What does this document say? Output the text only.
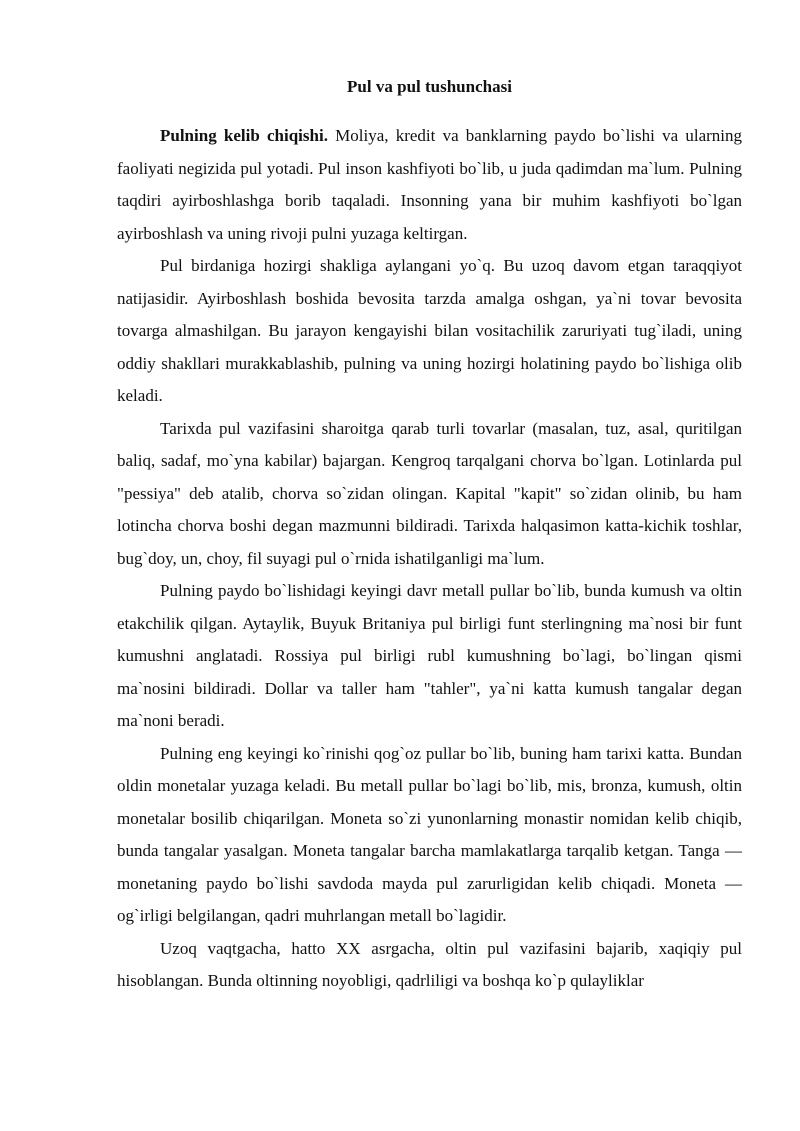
Pul va pul tushunchasi

Pulning kelib chiqishi. Moliya, kredit va banklarning paydo bo`lishi va ularning faoliyati negizida pul yotadi. Pul inson kashfiyoti bo`lib, u juda qadimdan ma`lum. Pulning taqdiri ayirboshlashga borib taqaladi. Insonning yana bir muhim kashfiyoti bo`lgan ayirboshlash va uning rivoji pulni yuzaga keltirgan.

Pul birdaniga hozirgi shakliga aylangani yo`q. Bu uzoq davom etgan taraqqiyot natijasidir. Ayirboshlash boshida bevosita tarzda amalga oshgan, ya`ni tovar bevosita tovarga almashilgan. Bu jarayon kengayishi bilan vositachilik zaruriyati tug`iladi, uning oddiy shakllari murakkablashib, pulning va uning hozirgi holatining paydo bo`lishiga olib keladi.

Tarixda pul vazifasini sharoitga qarab turli tovarlar (masalan, tuz, asal, quritilgan baliq, sadaf, mo`yna kabilar) bajargan. Kengroq tarqalgani chorva bo`lgan. Lotinlarda pul "pessiya" deb atalib, chorva so`zidan olingan. Kapital "kapit" so`zidan olinib, bu ham lotincha chorva boshi degan mazmunni bildiradi. Tarixda halqasimon katta-kichik toshlar, bug`doy, un, choy, fil suyagi pul o`rnida ishatilganligi ma`lum.

Pulning paydo bo`lishidagi keyingi davr metall pullar bo`lib, bunda kumush va oltin etakchilik qilgan. Aytaylik, Buyuk Britaniya pul birligi funt sterlingning ma`nosi bir funt kumushni anglatadi. Rossiya pul birligi rubl kumushning bo`lagi, bo`lingan qismi ma`nosini bildiradi. Dollar va taller ham "tahler", ya`ni katta kumush tangalar degan ma`noni beradi.

Pulning eng keyingi ko`rinishi qog`oz pullar bo`lib, buning ham tarixi katta. Bundan oldin monetalar yuzaga keladi. Bu metall pullar bo`lagi bo`lib, mis, bronza, kumush, oltin monetalar bosilib chiqarilgan. Moneta so`zi yunonlarning monastir nomidan kelib chiqib, bunda tangalar yasalgan. Moneta tangalar barcha mamlakatlarga tarqalib ketgan. Tanga — monetaning paydo bo`lishi savdoda mayda pul zarurligidan kelib chiqadi. Moneta — og`irligi belgilangan, qadri muhrlangan metall bo`lagidir.

Uzoq vaqtgacha, hatto XX asrgacha, oltin pul vazifasini bajarib, xaqiqiy pul hisoblangan. Bunda oltinning noyobligi, qadrliligi va boshqa ko`p qulayliklar
